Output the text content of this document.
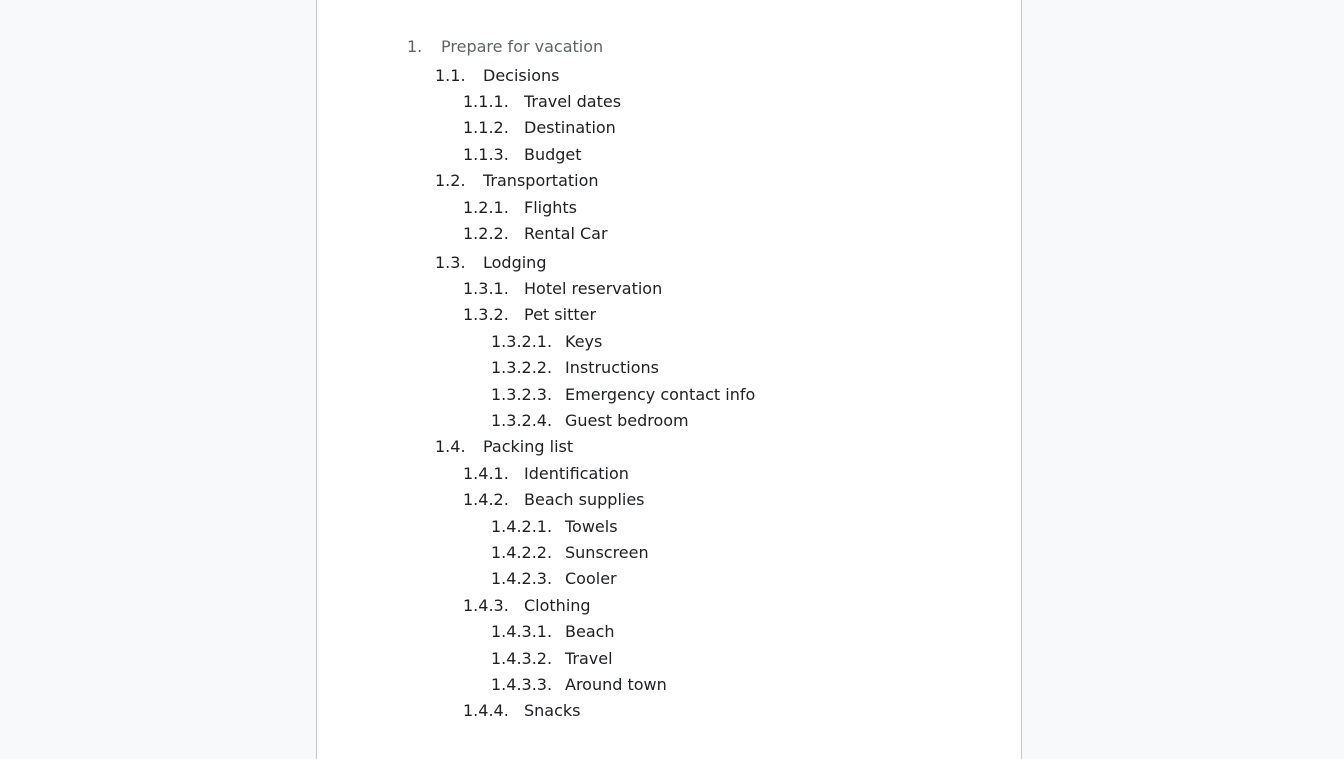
1. Prepare for vacation
1.1. Decisions
1.1.1. Travel dates
1.1.2. Destination
1.1.3. Budget
1.2. Transportation
1.2.1. Flights
1.2.2. Rental Car
1.3. Lodging
1.3.1. Hotel reservation
1.3.2. Pet sitter
1.3.2.1. Keys
1.3.2.2. Instructions
1.3.2.3. Emergency contact info
1.3.2.4. Guest bedroom
1.4. Packing list
1.4.1. Identification
1.4.2. Beach supplies
1.4.2.1. Towels
1.4.2.2. Sunscreen
1.4.2.3. Cooler
1.4.3. Clothing
1.4.3.1. Beach
1.4.3.2. Travel
1.4.3.3. Around town
1.4.4. Snacks
